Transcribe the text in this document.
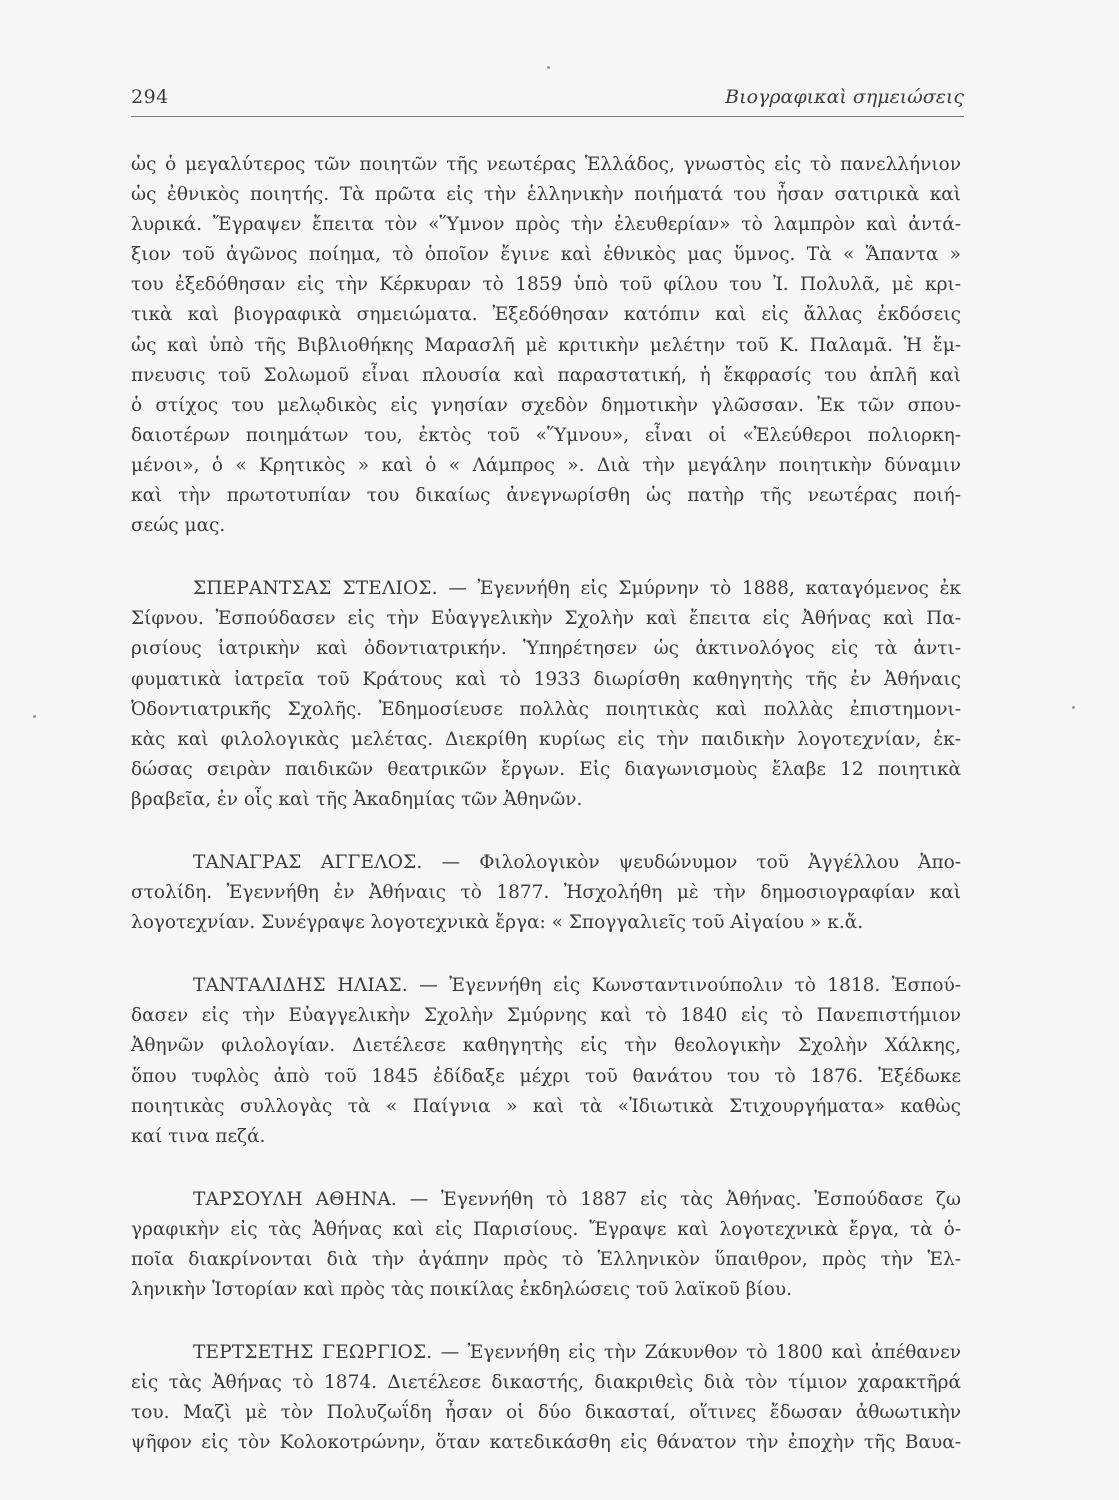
294	Βιογραφικαὶ σημειώσεις
ὡς ὁ μεγαλύτερος τῶν ποιητῶν τῆς νεωτέρας Ἑλλάδος, γνωστὸς εἰς τὸ πανελλήνιον
ὡς ἐθνικὸς ποιητής. Τὰ πρῶτα εἰς τὴν ἑλληνικὴν ποιήματά του ἦσαν σατιρικὰ καὶ
λυρικά. Ἔγραψεν ἔπειτα τὸν «Ὕμνον πρὸς τὴν ἐλευθερίαν» τὸ λαμπρὸν καὶ ἀντά-
ξιον τοῦ ἀγῶνος ποίημα, τὸ ὁποῖον ἔγινε καὶ ἐθνικὸς μας ὕμνος. Τὰ « Ἅπαντα »
του ἐξεδόθησαν εἰς τὴν Κέρκυραν τὸ 1859 ὑπὸ τοῦ φίλου του Ἰ. Πολυλᾶ, μὲ κρι-
τικὰ καὶ βιογραφικὰ σημειώματα. Ἐξεδόθησαν κατόπιν καὶ εἰς ἄλλας ἐκδόσεις
ὡς καὶ ὑπὸ τῆς Βιβλιοθήκης Μαρασλῆ μὲ κριτικὴν μελέτην τοῦ Κ. Παλαμᾶ. Ἡ ἔμ-
πνευσις τοῦ Σολωμοῦ εἶναι πλουσία καὶ παραστατική, ἡ ἔκφρασίς του ἁπλῆ καὶ
ὁ στίχος του μελῳδικὸς εἰς γνησίαν σχεδὸν δημοτικὴν γλῶσσαν. Ἐκ τῶν σπου-
δαιοτέρων ποιημάτων του, ἐκτὸς τοῦ «Ὕμνου», εἶναι οἱ «Ἐλεύθεροι πολιορκη-
μένοι», ὁ « Κρητικὸς » καὶ ὁ « Λάμπρος ». Διὰ τὴν μεγάλην ποιητικὴν δύναμιν
καὶ τὴν πρωτοτυπίαν του δικαίως ἀνεγνωρίσθη ὡς πατὴρ τῆς νεωτέρας ποιή-
σεώς μας.
ΣΠΕΡΑΝΤΣΑΣ ΣΤΕΛΙΟΣ. — Ἐγεννήθη εἰς Σμύρνην τὸ 1888, καταγόμενος ἐκ
Σίφνου. Ἐσπούδασεν εἰς τὴν Εὐαγγελικὴν Σχολὴν καὶ ἔπειτα εἰς Ἀθήνας καὶ Πα-
ρισίους ἰατρικὴν καὶ ὀδοντιατρικήν. Ὑπηρέτησεν ὡς ἀκτινολόγος εἰς τὰ ἀντι-
φυματικὰ ἰατρεῖα τοῦ Κράτους καὶ τὸ 1933 διωρίσθη καθηγητὴς τῆς ἐν Ἀθήναις
Ὀδοντιατρικῆς Σχολῆς. Ἐδημοσίευσε πολλὰς ποιητικὰς καὶ πολλὰς ἐπιστημονι-
κὰς καὶ φιλολογικὰς μελέτας. Διεκρίθη κυρίως εἰς τὴν παιδικὴν λογοτεχνίαν, ἐκ-
δώσας σειρὰν παιδικῶν θεατρικῶν ἔργων. Εἰς διαγωνισμοὺς ἔλαβε 12 ποιητικὰ
βραβεῖα, ἐν οἷς καὶ τῆς Ἀκαδημίας τῶν Ἀθηνῶν.
ΤΑΝΑΓΡΑΣ ΑΓΓΕΛΟΣ. — Φιλολογικὸν ψευδώνυμον τοῦ Ἀγγέλλου Ἀπο-
στολίδη. Ἐγεννήθη ἐν Ἀθήναις τὸ 1877. Ἠσχολήθη μὲ τὴν δημοσιογραφίαν καὶ
λογοτεχνίαν. Συνέγραψε λογοτεχνικὰ ἔργα: « Σπογγαλιεῖς τοῦ Αἰγαίου » κ.ἄ.
ΤΑΝΤΑΛΙΔΗΣ ΗΛΙΑΣ. — Ἐγεννήθη εἰς Κωνσταντινούπολιν τὸ 1818. Ἐσπού-
δασεν εἰς τὴν Εὐαγγελικὴν Σχολὴν Σμύρνης καὶ τὸ 1840 εἰς τὸ Πανεπιστήμιον
Ἀθηνῶν φιλολογίαν. Διετέλεσε καθηγητὴς εἰς τὴν θεολογικὴν Σχολὴν Χάλκης,
ὅπου τυφλὸς ἀπὸ τοῦ 1845 ἐδίδαξε μέχρι τοῦ θανάτου του τὸ 1876. Ἐξέδωκε
ποιητικὰς συλλογὰς τὰ « Παίγνια » καὶ τὰ «Ἰδιωτικὰ Στιχουργήματα» καθὼς
καί τινα πεζά.
ΤΑΡΣΟΥΛΗ ΑΘΗΝΑ. — Ἐγεννήθη τὸ 1887 εἰς τὰς Ἀθήνας. Ἐσπούδασε ζω
γραφικὴν εἰς τὰς Ἀθήνας καὶ εἰς Παρισίους. Ἔγραψε καὶ λογοτεχνικὰ ἔργα, τὰ ὁ-
ποῖα διακρίνονται διὰ τὴν ἀγάπην πρὸς τὸ Ἑλληνικὸν ὕπαιθρον, πρὸς τὴν Ἑλ-
ληνικὴν Ἱστορίαν καὶ πρὸς τὰς ποικίλας ἐκδηλώσεις τοῦ λαϊκοῦ βίου.
ΤΕΡΤΣΕΤΗΣ ΓΕΩΡΓΙΟΣ. — Ἐγεννήθη εἰς τὴν Ζάκυνθον τὸ 1800 καὶ ἀπέθανεν
εἰς τὰς Ἀθήνας τὸ 1874. Διετέλεσε δικαστής, διακριθεὶς διὰ τὸν τίμιον χαρακτῆρά
του. Μαζὶ μὲ τὸν Πολυζωΐδη ἦσαν οἱ δύο δικασταί, οἵτινες ἔδωσαν ἀθωωτικὴν
ψῆφον εἰς τὸν Κολοκοτρώνην, ὅταν κατεδικάσθη εἰς θάνατον τὴν ἐποχὴν τῆς Βαυα-
